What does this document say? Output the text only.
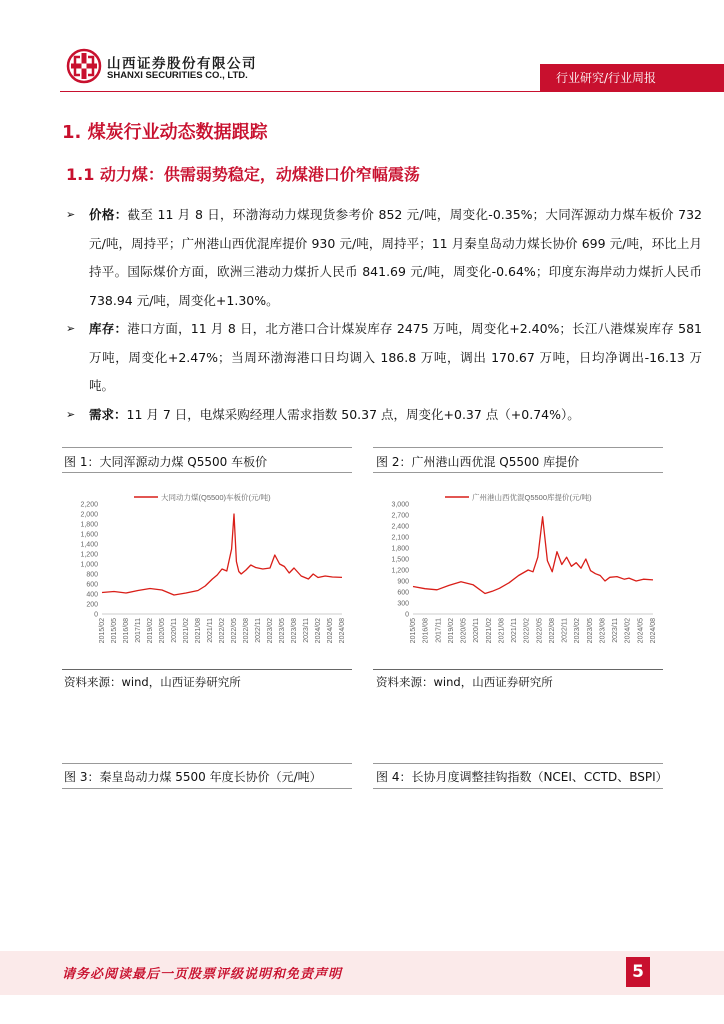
山西证券股份有限公司
SHANXI SECURITIES CO., LTD.	行业研究/行业周报
1. 煤炭行业动态数据跟踪
1.1 动力煤：供需弱势稳定，动煤港口价窄幅震荡
➢ 价格：截至 11 月 8 日，环渤海动力煤现货参考价 852 元/吨，周变化-0.35%；大同浑源动力煤车板价 732 元/吨，周持平；广州港山西优混库提价 930 元/吨，周持平；11 月秦皇岛动力煤长协价 699 元/吨，环比上月持平。国际煤价方面，欧洲三港动力煤折人民币 841.69 元/吨，周变化-0.64%；印度东海岸动力煤折人民币 738.94 元/吨，周变化+1.30%。
➢ 库存：港口方面，11 月 8 日，北方港口合计煤炭库存 2475 万吨，周变化+2.40%；长江八港煤炭库存 581 万吨，周变化+2.47%；当周环渤海港口日均调入 186.8 万吨，调出 170.67 万吨，日均净调出-16.13 万吨。
➢ 需求：11 月 7 日，电煤采购经理人需求指数 50.37 点，周变化+0.37 点（+0.74%）。
图 1：大同浑源动力煤 Q5500 车板价
大同动力煤(Q5500)车板价(元/吨)
0
200
400
600
800
1,000
1,200
1,400
1,600
1,800
2,000
2,200
2015/02 2015/05 2016/08 2017/11 2019/02 2020/05 2020/11 2021/02 2021/08 2021/11 2022/02 2022/05 2022/08 2022/11 2023/02 2023/05 2023/08 2023/11 2024/02 2024/05 2024/08
资料来源：wind，山西证券研究所
图 2：广州港山西优混 Q5500 库提价
广州港山西优混Q5500库提价(元/吨)
0
300
600
900
1,200
1,500
1,800
2,100
2,400
2,700
3,000
2015/05 2016/08 2017/11 2019/02 2020/05 2020/11 2021/02 2021/08 2021/11 2022/02 2022/05 2022/08 2022/11 2023/02 2023/05 2023/08 2023/11 2024/02 2024/05 2024/08
资料来源：wind，山西证券研究所
图 3：秦皇岛动力煤 5500 年度长协价（元/吨）	图 4：长协月度调整挂钩指数（NCEI、CCTD、BSPI）
请务必阅读最后一页股票评级说明和免责声明	5
